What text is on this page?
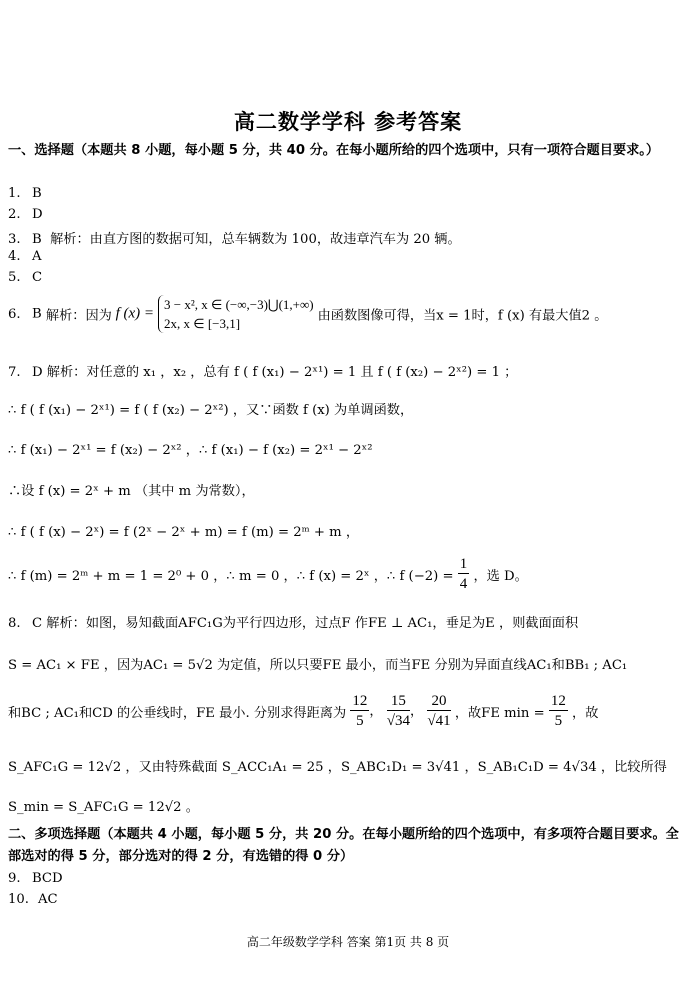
高二数学学科 参考答案
一、选择题（本题共 8 小题，每小题 5 分，共 40 分。在每小题所给的四个选项中，只有一项符合题目要求。）
1. B
2. D
3. B 解析：由直方图的数据可知，总车辆数为 100，故违章汽车为 20 辆。
4. A
5. C
6. B 解析：因为 f (x) =
3 − x², x ∈ (−∞,−3)⋃(1,+∞)
2x, x ∈ [−3,1]	由函数图像可得，当x = 1时，f (x) 有最大值2 。
7. D 解析：对任意的 x₁ ，x₂ ，总有 f ( f (x₁) − 2ˣ¹) = 1 且 f ( f (x₂) − 2ˣ²) = 1 ；
∴ f ( f (x₁) − 2ˣ¹) = f ( f (x₂) − 2ˣ²) ，又∵函数 f (x) 为单调函数，
∴ f (x₁) − 2ˣ¹ = f (x₂) − 2ˣ² ，∴ f (x₁) − f (x₂) = 2ˣ¹ − 2ˣ²
∴设 f (x) = 2ˣ + m （其中 m 为常数），
∴ f ( f (x) − 2ˣ) = f (2ˣ − 2ˣ + m) = f (m) = 2ᵐ + m ，
∴ f (m) = 2ᵐ + m = 1 = 2⁰ + 0 ，∴ m = 0 ，∴ f (x) = 2ˣ ，∴ f $(-2) = \frac{1}{4}$ ，选 D。
8. C 解析：如图，易知截面AFC₁G为平行四边形，过点F 作FE ⊥ AC₁，垂足为E ，则截面面积
S = AC₁ × FE ，因为AC₁ = 5√2 为定值，所以只要FE 最小，而当FE 分别为异面直线AC₁和BB₁ ; AC₁
和BC ; AC₁和CD 的公垂线时，FE 最小. 分别求得距离为 $\frac{12}{5}$ ， $\frac{15}{√34}$ ， $\frac{20}{√41}$ ，故FE $\min = \frac{12}{5}$ ，故
S_AFC₁G = 12√2 ，又由特殊截面 S_ACC₁A₁ = 25 ，S_ABC₁D₁ = 3√41 ，S_AB₁C₁D = 4√34 ，比较所得
S_min = S_AFC₁G = 12√2 。
二、多项选择题（本题共 4 小题，每小题 5 分，共 20 分。在每小题所给的四个选项中，有多项符合题目要求。全部选对的得 5 分，部分选对的得 2 分，有选错的得 0 分）
9. BCD
10. AC
高二年级数学学科 答案 第1页 共 8 页
